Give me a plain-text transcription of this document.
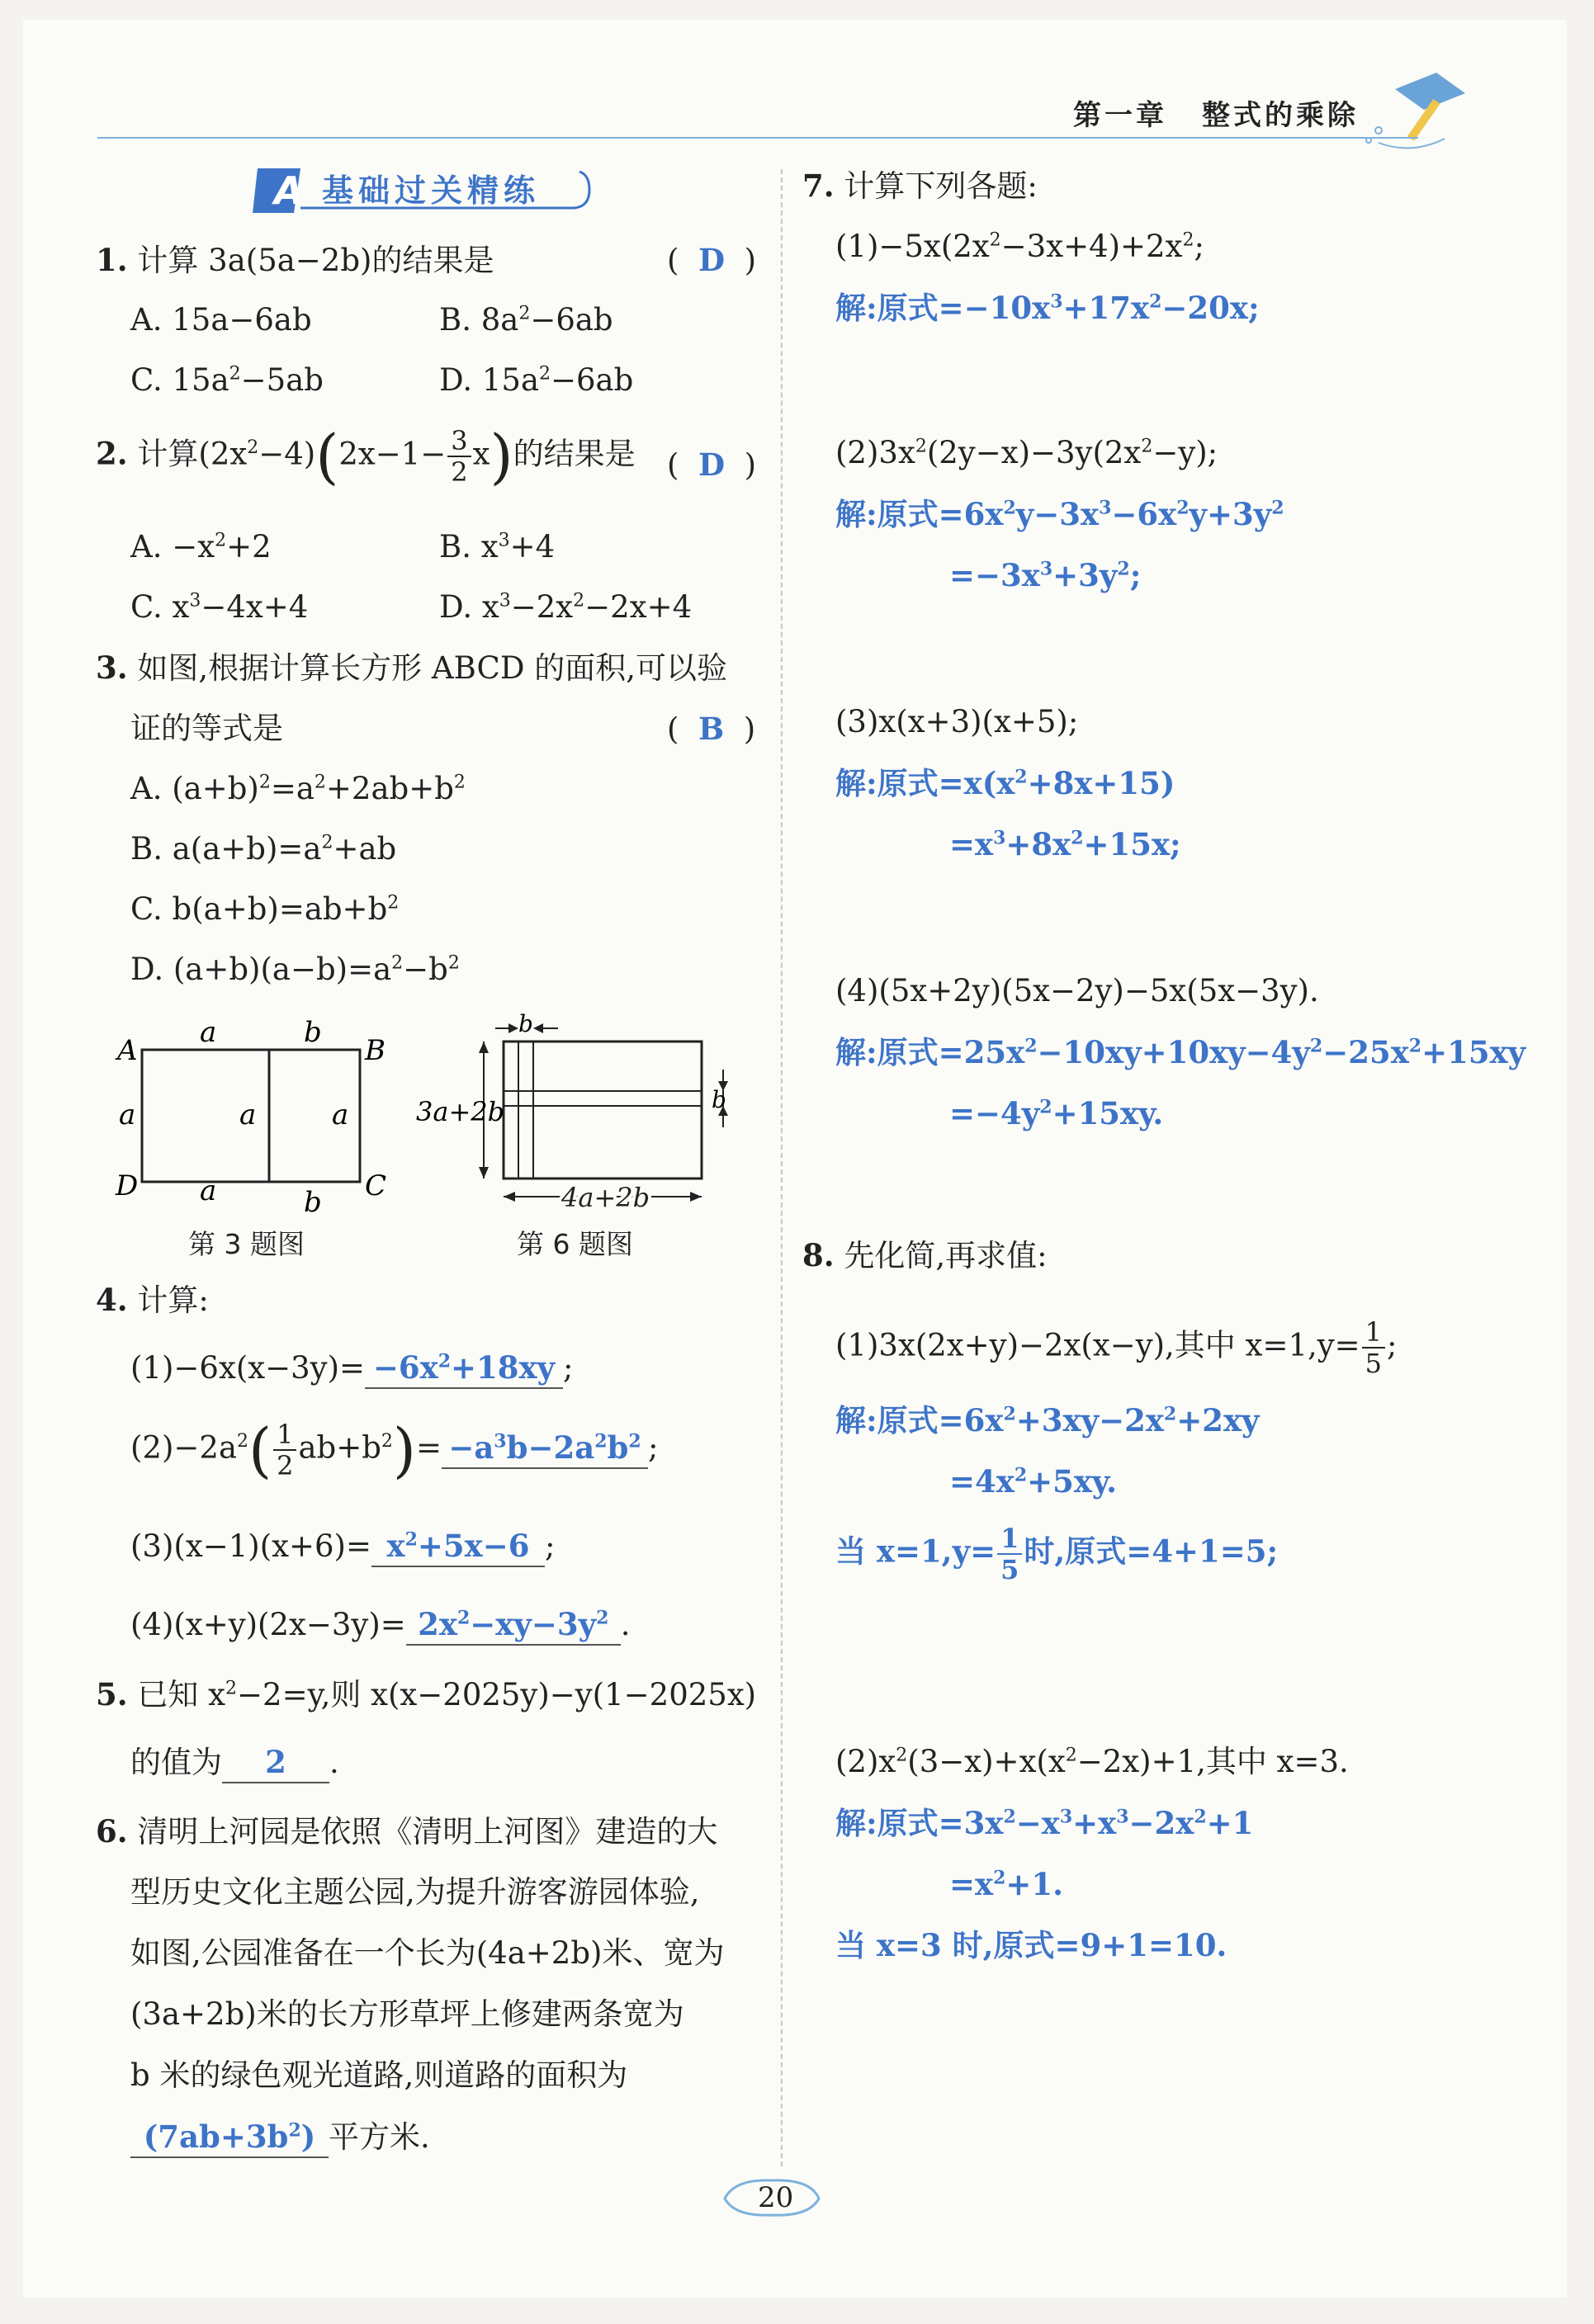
第一章 整式的乘除
A 基础过关精练
1. 计算 3a(5a−2b)的结果是	(  D  )
A. 15a−6ab	B. $8a^2-6ab$
C. $15a^2-5ab$	D. $15a^2-6ab$
2. 计算$(2x^2-4)(2x-1- \frac{3}{2} x)$的结果是 (  D  )
A. $-x^2+2$	B. $x^3+4$
C. $x^3-4x+4$	D. $x^3-2x^2-2x+4$
3. 如图,根据计算长方形 ABCD 的面积,可以验
证的等式是	(  B  )
A. $(a+b)^2=a^2+2ab+b^2$
B. $a(a+b)=a^2+ab$
C. $b(a+b)=ab+b^2$
D. $(a+b)(a-b)=a^2-b^2$
A	B
C
D
a	b
a	a	a
a	b
第 3 题图
3a+2b
4a+2b
b
b
第 6 题图
4. 计算:
$(1)-6x(x-3y)= -6x^2+18xy$ ;
$(2)-2a^2( \frac{1}{2} ab+b^2)= -a^3b-2a^2b^2$ ;
$(3)(x-1)(x+6)= x^2+5x-6$ ;
$(4)(x+y)(2x-3y)= 2x^2-xy-3y^2$ .
5. 已知 $x^2-2=y$,则 x(x−2025y)−y(1−2025x)
的值为 2 .
6. 清明上河园是依照《清明上河图》建造的大
型历史文化主题公园,为提升游客游园体验,
如图,公园准备在一个长为(4a+2b)米、宽为
(3a+2b)米的长方形草坪上修建两条宽为
b 米的绿色观光道路,则道路的面积为
$(7ab+3b^2)$ 平方米.
7. 计算下列各题:
$(1)-5x(2x^2-3x+4)+2x^2$;
解:原式$=-10x^3+17x^2-20x$;
$(2)3x^2(2y-x)-3y(2x^2-y)$;
解:原式$=6x^2y-3x^3-6x^2y+3y^2$
$=-3x^3+3y^2$;
(3)x(x+3)(x+5);
解:原式$=x(x^2+8x+15)$
$=x^3+8x^2+15x$;
(4)(5x+2y)(5x−2y)−5x(5x−3y).
解:原式$=25x^2-10xy+10xy-4y^2-25x^2+15xy$
$=-4y^2+15xy$.
8. 先化简,再求值:
(1)3x(2x+y)−2x(x−y),其中 $x=1,y= \frac{1}{5}$ ;
解:原式$=6x^2+3xy-2x^2+2xy$
$=4x^2+5xy$.
当 $x=1,y= \frac{1}{5}$ 时,原式=4+1=5;
$(2)x^2(3-x)+x(x^2-2x)+1$,其中 x=3.
解:原式$=3x^2-x^3+x^3-2x^2+1$
$=x^2+1$.
当 x=3 时,原式=9+1=10.
20
